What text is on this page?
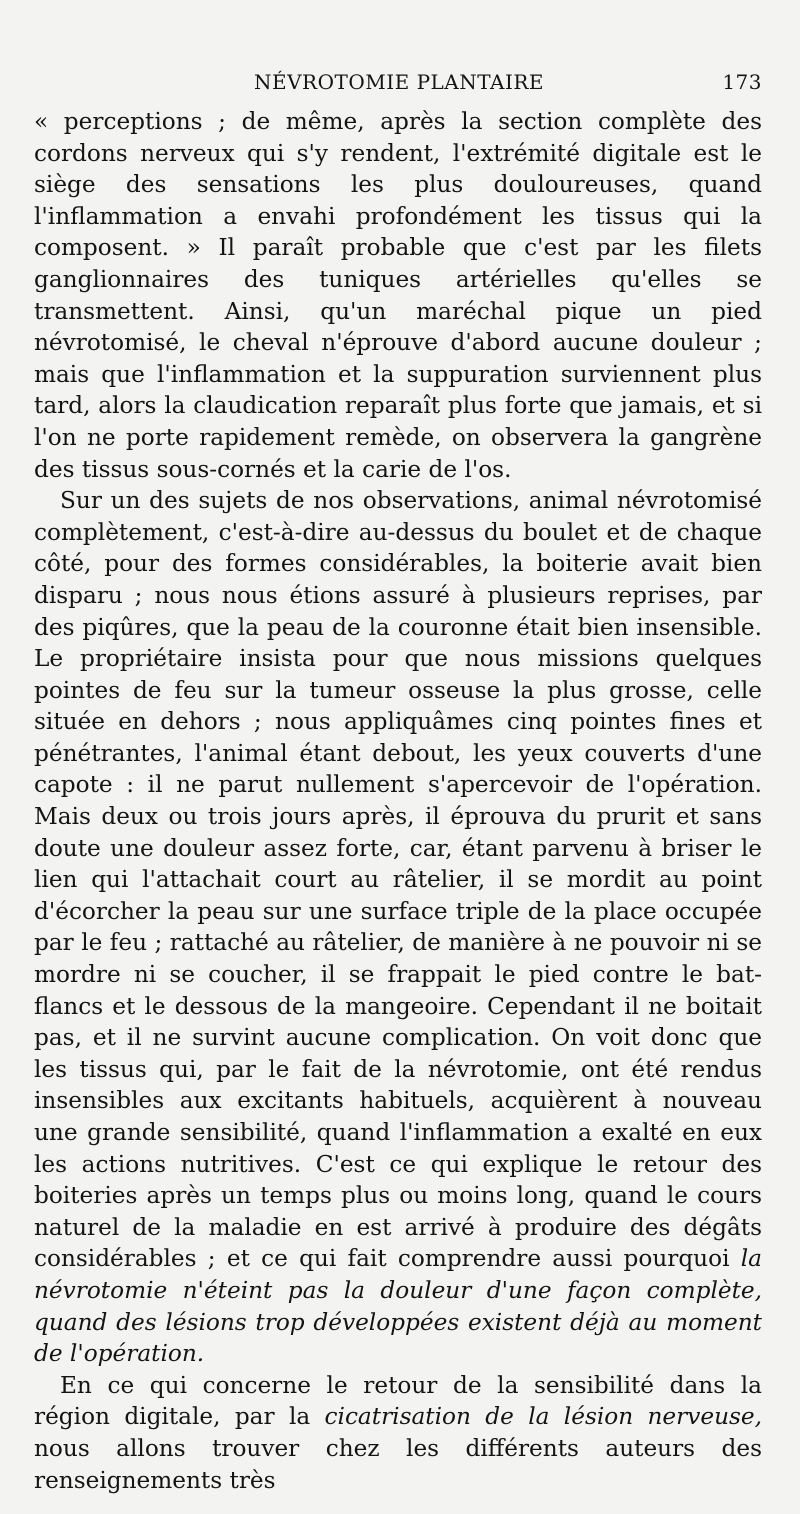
NÉVROTOMIE PLANTAIRE	173

« perceptions ; de même, après la section complète des cordons nerveux qui s'y rendent, l'extrémité digitale est le siège des sensations les plus douloureuses, quand l'inflammation a envahi profondément les tissus qui la composent. » Il paraît probable que c'est par les filets ganglionnaires des tuniques artérielles qu'elles se transmettent. Ainsi, qu'un maréchal pique un pied névrotomisé, le cheval n'éprouve d'abord aucune douleur ; mais que l'inflammation et la suppuration surviennent plus tard, alors la claudication reparaît plus forte que jamais, et si l'on ne porte rapidement remède, on observera la gangrène des tissus sous-cornés et la carie de l'os.

Sur un des sujets de nos observations, animal névrotomisé complètement, c'est-à-dire au-dessus du boulet et de chaque côté, pour des formes considérables, la boiterie avait bien disparu ; nous nous étions assuré à plusieurs reprises, par des piqûres, que la peau de la couronne était bien insensible. Le propriétaire insista pour que nous missions quelques pointes de feu sur la tumeur osseuse la plus grosse, celle située en dehors ; nous appliquâmes cinq pointes fines et pénétrantes, l'animal étant debout, les yeux couverts d'une capote : il ne parut nullement s'apercevoir de l'opération. Mais deux ou trois jours après, il éprouva du prurit et sans doute une douleur assez forte, car, étant parvenu à briser le lien qui l'attachait court au râtelier, il se mordit au point d'écorcher la peau sur une surface triple de la place occupée par le feu ; rattaché au râtelier, de manière à ne pouvoir ni se mordre ni se coucher, il se frappait le pied contre le bat-flancs et le dessous de la mangeoire. Cependant il ne boitait pas, et il ne survint aucune complication. On voit donc que les tissus qui, par le fait de la névrotomie, ont été rendus insensibles aux excitants habituels, acquièrent à nouveau une grande sensibilité, quand l'inflammation a exalté en eux les actions nutritives. C'est ce qui explique le retour des boiteries après un temps plus ou moins long, quand le cours naturel de la maladie en est arrivé à produire des dégâts considérables ; et ce qui fait comprendre aussi pourquoi la névrotomie n'éteint pas la douleur d'une façon complète, quand des lésions trop développées existent déjà au moment de l'opération.

En ce qui concerne le retour de la sensibilité dans la région digitale, par la cicatrisation de la lésion nerveuse, nous allons trouver chez les différents auteurs des renseignements très
